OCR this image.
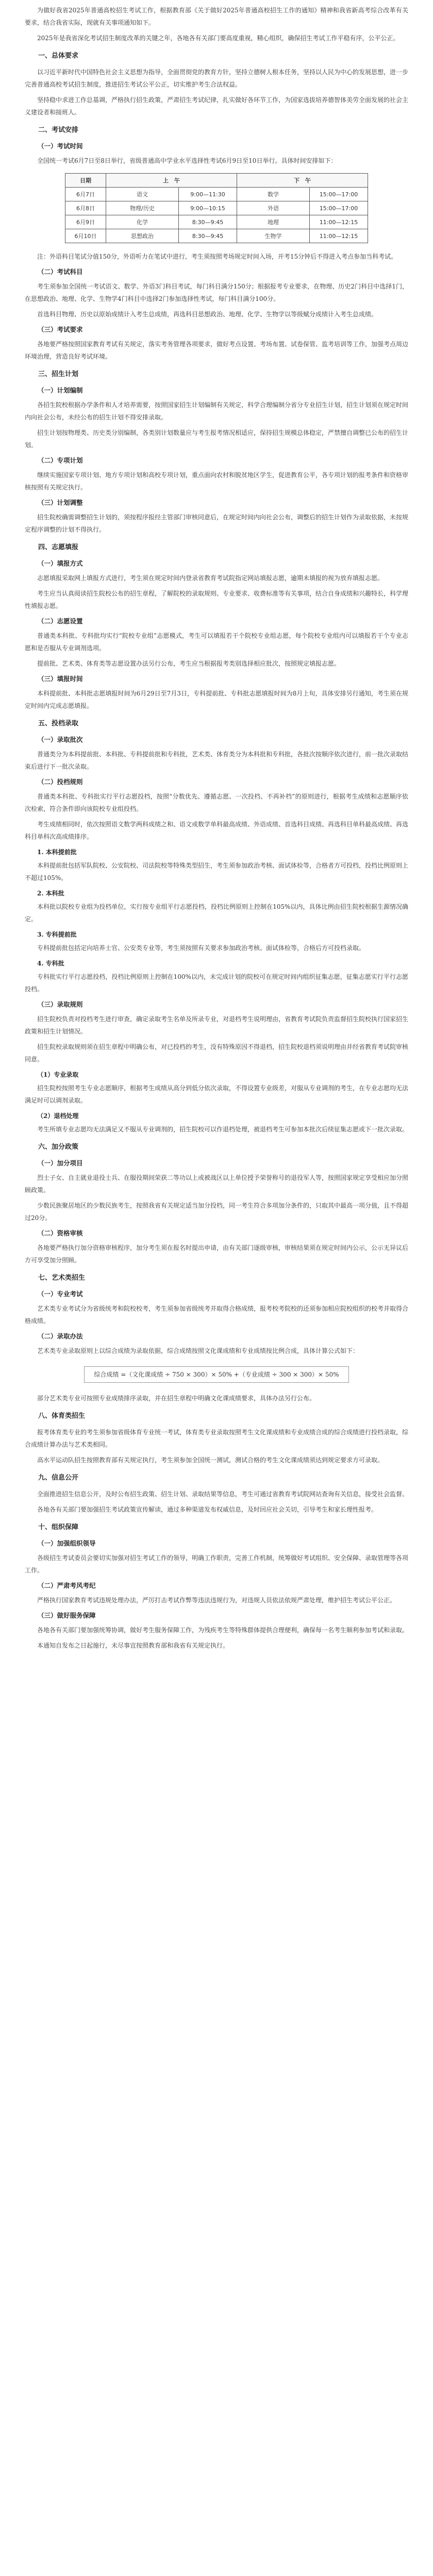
为做好我省2025年普通高校招生考试工作，根据教育部《关于做好2025年普通高校招生工作的通知》精神和我省新高考综合改革有关要求，结合我省实际，现就有关事项通知如下。

2025年是我省深化考试招生制度改革的关键之年，各地各有关部门要高度重视，精心组织，确保招生考试工作平稳有序，公平公正。

一、总体要求

以习近平新时代中国特色社会主义思想为指导，全面贯彻党的教育方针，坚持立德树人根本任务，坚持以人民为中心的发展思想，进一步完善普通高校考试招生制度，推进招生考试公平公正，切实维护考生合法权益。

坚持稳中求进工作总基调，严格执行招生政策，严肃招生考试纪律，扎实做好各环节工作，为国家选拔培养德智体美劳全面发展的社会主义建设者和接班人。

二、考试安排
（一）考试时间

全国统一考试6月7日至8日举行，省级普通高中学业水平选择性考试6月9日至10日举行。具体时间安排如下：

日期	上　午		下　午	
6月7日	语文	9:00—11:30	数学	15:00—17:00
6月8日	物理/历史	9:00—10:15	外语	15:00—17:00
6月9日	化学	8:30—9:45	地理	11:00—12:15
6月10日	思想政治	8:30—9:45	生物学	11:00—12:15

注：外语科目笔试分值150分，外语听力在笔试中进行，考生须按照考场规定时间入场，开考15分钟后不得进入考点参加当科考试。

（二）考试科目

考生须参加全国统一考试语文、数学、外语3门科目考试，每门科目满分150分；根据报考专业要求，在物理、历史2门科目中选择1门，在思想政治、地理、化学、生物学4门科目中选择2门参加选择性考试，每门科目满分100分。

首选科目物理、历史以原始成绩计入考生总成绩，再选科目思想政治、地理、化学、生物学以等级赋分成绩计入考生总成绩。

（三）考试要求

各地要严格按照国家教育考试有关规定，落实考务管理各项要求，做好考点设置、考场布置、试卷保管、监考培训等工作，加强考点周边环境治理，营造良好考试环境。

三、招生计划
（一）计划编制

各招生院校根据办学条件和人才培养需要，按照国家招生计划编制有关规定，科学合理编制分省分专业招生计划，招生计划须在规定时间内向社会公布，未经公布的招生计划不得安排录取。

招生计划按物理类、历史类分别编制，各类别计划数量应与考生报考情况相适应，保持招生规模总体稳定，严禁擅自调整已公布的招生计划。

（二）专项计划

继续实施国家专项计划、地方专项计划和高校专项计划，重点面向农村和脱贫地区学生，促进教育公平，各专项计划的报考条件和资格审核按照有关规定执行。

（三）计划调整

招生院校确需调整招生计划的，须按程序报经主管部门审核同意后，在规定时间内向社会公布，调整后的招生计划作为录取依据，未按规定程序调整的计划不得执行。

四、志愿填报
（一）填报方式

志愿填报采取网上填报方式进行，考生须在规定时间内登录省教育考试院指定网站填报志愿，逾期未填报的视为放弃填报志愿。

考生应当认真阅读招生院校公布的招生章程，了解院校的录取规则、专业要求、收费标准等有关事项，结合自身成绩和兴趣特长，科学理性填报志愿。

（二）志愿设置

普通类本科批、专科批均实行“院校专业组”志愿模式，考生可以填报若干个院校专业组志愿，每个院校专业组内可以填报若干个专业志愿和是否服从专业调剂选项。

提前批、艺术类、体育类等志愿设置办法另行公布，考生应当根据报考类别选择相应批次，按照规定填报志愿。

（三）填报时间

本科提前批、本科批志愿填报时间为6月29日至7月3日，专科提前批、专科批志愿填报时间为8月上旬，具体安排另行通知，考生须在规定时间内完成志愿填报。

五、投档录取
（一）录取批次

普通类分为本科提前批、本科批、专科提前批和专科批，艺术类、体育类分为本科批和专科批，各批次按顺序依次进行，前一批次录取结束后进行下一批次录取。

（二）投档规则

普通类本科批、专科批实行平行志愿投档，按照“分数优先、遵循志愿、一次投档、不再补档”的原则进行，根据考生成绩和志愿顺序依次检索，符合条件即向该院校专业组投档。

考生成绩相同时，依次按照语文数学两科成绩之和、语文或数学单科最高成绩、外语成绩、首选科目成绩、再选科目单科最高成绩、再选科目单科次高成绩排序。

1. 本科提前批

本科提前批包括军队院校、公安院校、司法院校等特殊类型招生，考生须参加政治考核、面试体检等，合格者方可投档，投档比例原则上不超过105%。

2. 本科批

本科批以院校专业组为投档单位，实行按专业组平行志愿投档，投档比例原则上控制在105%以内，具体比例由招生院校根据生源情况确定。

3. 专科提前批

专科提前批包括定向培养士官、公安类专业等，考生须按照有关要求参加政治考核、面试体检等，合格后方可投档录取。

4. 专科批

专科批实行平行志愿投档，投档比例原则上控制在100%以内，未完成计划的院校可在规定时间内组织征集志愿，征集志愿实行平行志愿投档。

（三）录取规则

招生院校负责对投档考生进行审查，确定录取考生名单及所录专业，对退档考生说明理由，省教育考试院负责监督招生院校执行国家招生政策和招生计划情况。

招生院校录取规则须在招生章程中明确公布，对已投档的考生，没有特殊原因不得退档，招生院校退档须说明理由并经省教育考试院审核同意。

（1）专业录取

招生院校按照考生专业志愿顺序，根据考生成绩从高分到低分依次录取，不得设置专业级差，对服从专业调剂的考生，在专业志愿均无法满足时可以调剂录取。

（2）退档处理

考生所填专业志愿均无法满足又不服从专业调剂的，招生院校可以作退档处理，被退档考生可参加本批次后续征集志愿或下一批次录取。

六、加分政策
（一）加分项目

烈士子女、自主就业退役士兵、在服役期间荣获二等功以上或被战区以上单位授予荣誉称号的退役军人等，按照国家规定享受相应加分照顾政策。

少数民族聚居地区的少数民族考生，按照我省有关规定适当加分投档，同一考生符合多项加分条件的，只取其中最高一项分值，且不得超过20分。

（二）资格审核

各地要严格执行加分资格审核程序，加分考生须在报名时提出申请，由有关部门逐级审核，审核结果须在规定时间内公示，公示无异议后方可享受加分照顾。

七、艺术类招生
（一）专业考试

艺术类专业考试分为省级统考和院校校考，考生须参加省级统考并取得合格成绩，报考校考院校的还须参加相应院校组织的校考并取得合格成绩。

（二）录取办法

艺术类专业录取原则上以综合成绩为录取依据，综合成绩按照文化课成绩和专业成绩按比例合成，具体计算公式如下：

综合成绩 =（文化课成绩 ÷ 750 × 300）× 50% +（专业成绩 ÷ 300 × 300）× 50%

部分艺术类专业可按照专业成绩排序录取，并在招生章程中明确文化课成绩要求，具体办法另行公布。

八、体育类招生

报考体育类专业的考生须参加省级体育专业统一考试，体育类专业录取按照考生文化课成绩和专业成绩合成的综合成绩进行投档录取，综合成绩计算办法与艺术类相同。

高水平运动队招生按照教育部有关规定执行，考生须参加全国统一测试，测试合格的考生文化课成绩须达到规定要求方可录取。

九、信息公开

全面推进招生信息公开，及时公布招生政策、招生计划、录取结果等信息，考生可通过省教育考试院网站查询有关信息，接受社会监督。

各地各有关部门要加强招生考试政策宣传解读，通过多种渠道发布权威信息，及时回应社会关切，引导考生和家长理性报考。

十、组织保障
（一）加强组织领导

各级招生考试委员会要切实加强对招生考试工作的领导，明确工作职责，完善工作机制，统筹做好考试组织、安全保障、录取管理等各项工作。

（二）严肃考风考纪

严格执行国家教育考试违规处理办法，严厉打击考试作弊等违法违规行为，对违规人员依法依规严肃处理，维护招生考试公平公正。

（三）做好服务保障

各地各有关部门要加强统筹协调，做好考生服务保障工作，为残疾考生等特殊群体提供合理便利，确保每一名考生顺利参加考试和录取。

本通知自发布之日起施行，未尽事宜按照教育部和我省有关规定执行。
